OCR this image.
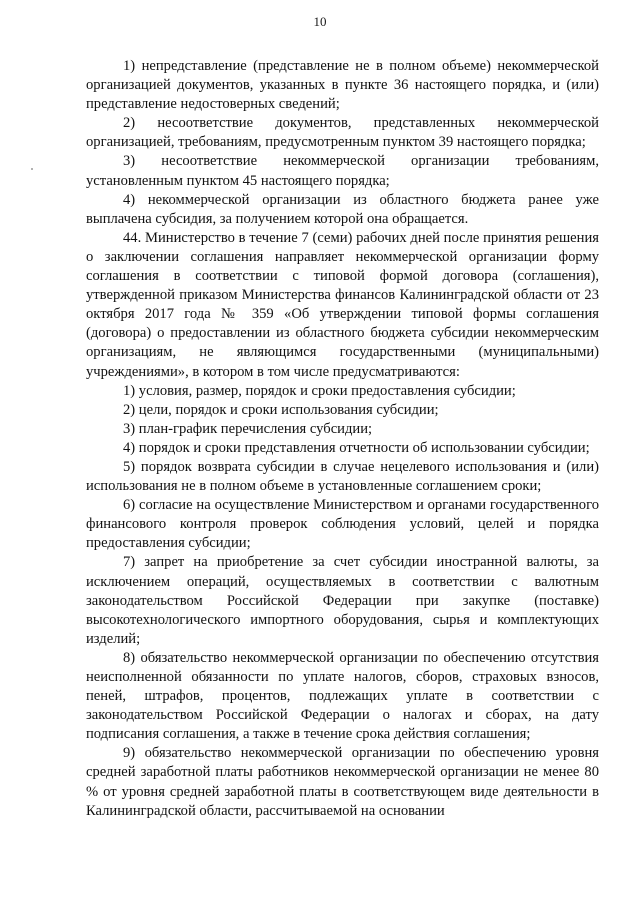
10

1) непредставление (представление не в полном объеме) некоммерческой организацией документов, указанных в пункте 36 настоящего порядка, и (или) представление недостоверных сведений;

2) несоответствие документов, представленных некоммерческой организацией, требованиям, предусмотренным пунктом 39 настоящего порядка;

3) несоответствие некоммерческой организации требованиям, установленным пунктом 45 настоящего порядка;

4) некоммерческой организации из областного бюджета ранее уже выплачена субсидия, за получением которой она обращается.

44. Министерство в течение 7 (семи) рабочих дней после принятия решения о заключении соглашения направляет некоммерческой организации форму соглашения в соответствии с типовой формой договора (соглашения), утвержденной приказом Министерства финансов Калининградской области от 23 октября 2017 года № 359 «Об утверждении типовой формы соглашения (договора) о предоставлении из областного бюджета субсидии некоммерческим организациям, не являющимся государственными (муниципальными) учреждениями», в котором в том числе предусматриваются:

1) условия, размер, порядок и сроки предоставления субсидии;

2) цели, порядок и сроки использования субсидии;

3) план-график перечисления субсидии;

4) порядок и сроки представления отчетности об использовании субсидии;

5) порядок возврата субсидии в случае нецелевого использования и (или) использования не в полном объеме в установленные соглашением сроки;

6) согласие на осуществление Министерством и органами государственного финансового контроля проверок соблюдения условий, целей и порядка предоставления субсидии;

7) запрет на приобретение за счет субсидии иностранной валюты, за исключением операций, осуществляемых в соответствии с валютным законодательством Российской Федерации при закупке (поставке) высокотехнологического импортного оборудования, сырья и комплектующих изделий;

8) обязательство некоммерческой организации по обеспечению отсутствия неисполненной обязанности по уплате налогов, сборов, страховых взносов, пеней, штрафов, процентов, подлежащих уплате в соответствии с законодательством Российской Федерации о налогах и сборах, на дату подписания соглашения, а также в течение срока действия соглашения;

9) обязательство некоммерческой организации по обеспечению уровня средней заработной платы работников некоммерческой организации не менее 80 % от уровня средней заработной платы в соответствующем виде деятельности в Калининградской области, рассчитываемой на основании
